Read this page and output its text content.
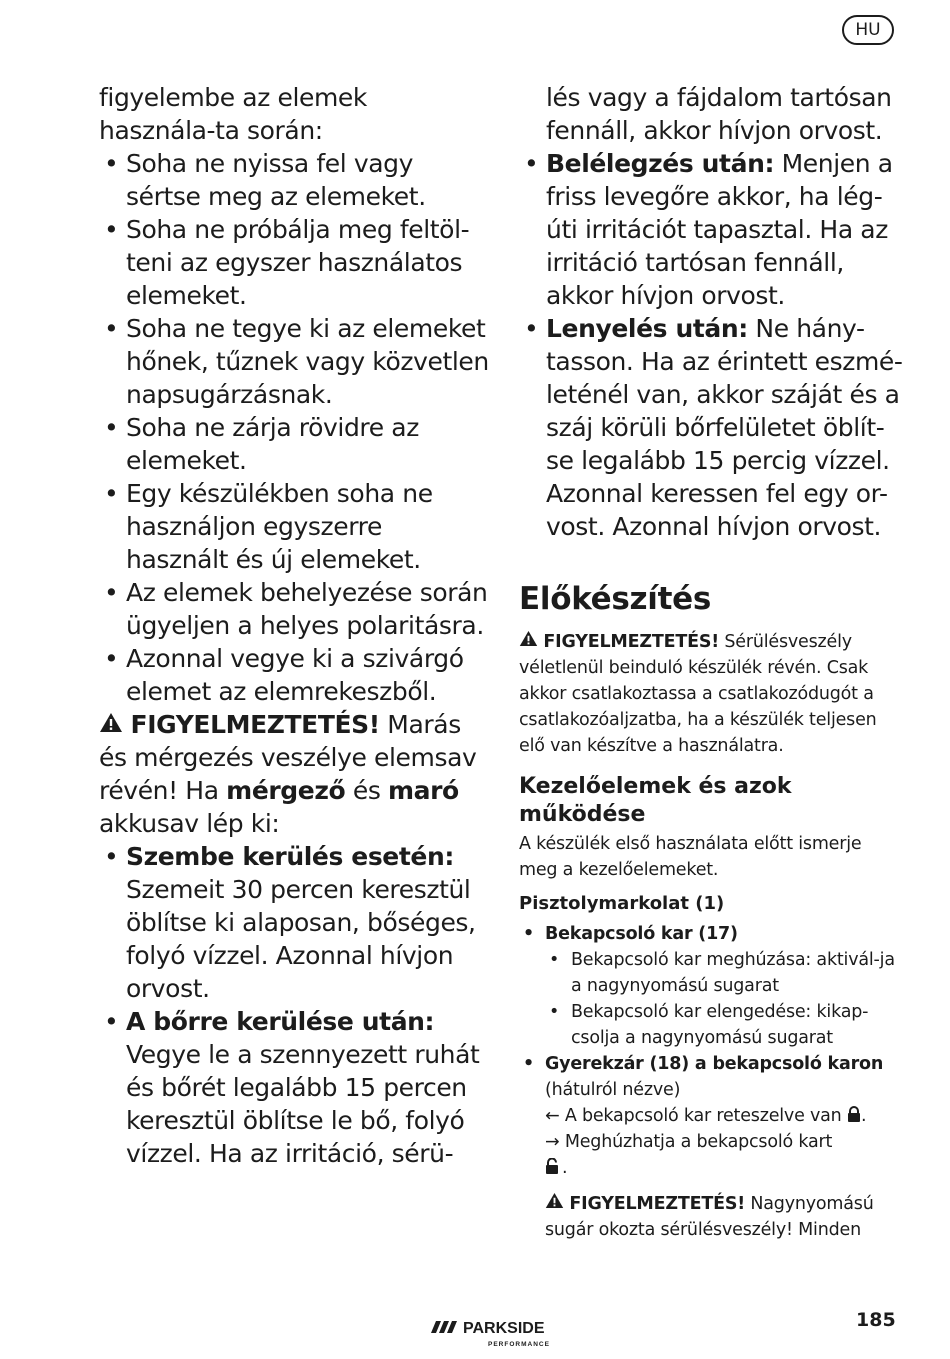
HU

figyelembe az elemek használa-ta során:

• Soha ne nyissa fel vagy sértse meg az elemeket.
• Soha ne próbálja meg feltöl-teni az egyszer használatos elemeket.
• Soha ne tegye ki az elemeket hőnek, tűznek vagy közvetlen napsugárzásnak.
• Soha ne zárja rövidre az elemeket.
• Egy készülékben soha ne használjon egyszerre használt és új elemeket.
• Az elemek behelyezése során ügyeljen a helyes polaritásra.
• Azonnal vegye ki a szivárgó elemet az elemrekeszből.

FIGYELMEZTETÉS! Marás és mérgezés veszélye elemsav révén! Ha mérgező és maró akkusav lép ki:

• Szembe kerülés esetén: Szemeit 30 percen keresztül öblítse ki alaposan, bőséges, folyó vízzel. Azonnal hívjon orvost.
• A bőrre kerülése után: Vegye le a szennyezett ruhát és bőrét legalább 15 percen keresztül öblítse le bő, folyó vízzel. Ha az irritáció, sérü-
lés vagy a fájdalom tartósan fennáll, akkor hívjon orvost.
• Belélegzés után: Menjen a friss levegőre akkor, ha lég-úti irritációt tapasztal. Ha az irritáció tartósan fennáll, akkor hívjon orvost.
• Lenyelés után: Ne hány-tasson. Ha az érintett eszmé-leténél van, akkor száját és a száj körüli bőrfelületet öblít-se legalább 15 percig vízzel. Azonnal keressen fel egy or-vost. Azonnal hívjon orvost.
Előkészítés

FIGYELMEZTETÉS! Sérülésveszély véletlenül beinduló készülék révén. Csak akkor csatlakoztassa a csatlakozódugót a csatlakozóaljzatba, ha a készülék teljesen elő van készítve a használatra.

Kezelőelemek és azok működése

A készülék első használata előtt ismerje meg a kezelőelemeket.

Pisztolymarkolat (1)
• Bekapcsoló kar (17)
• Bekapcsoló kar meghúzása: aktivál-ja a nagynyomású sugarat
• Bekapcsoló kar elengedése: kikap-csolja a nagynyomású sugarat
• Gyerekzár (18) a bekapcsoló karon (hátulról nézve)
← A bekapcsoló kar reteszelve van .
→ Meghúzhatja a bekapcsoló kart
.

FIGYELMEZTETÉS! Nagynyomású sugár okozta sérülésveszély! Minden

PARKSIDE
PERFORMANCE
185
